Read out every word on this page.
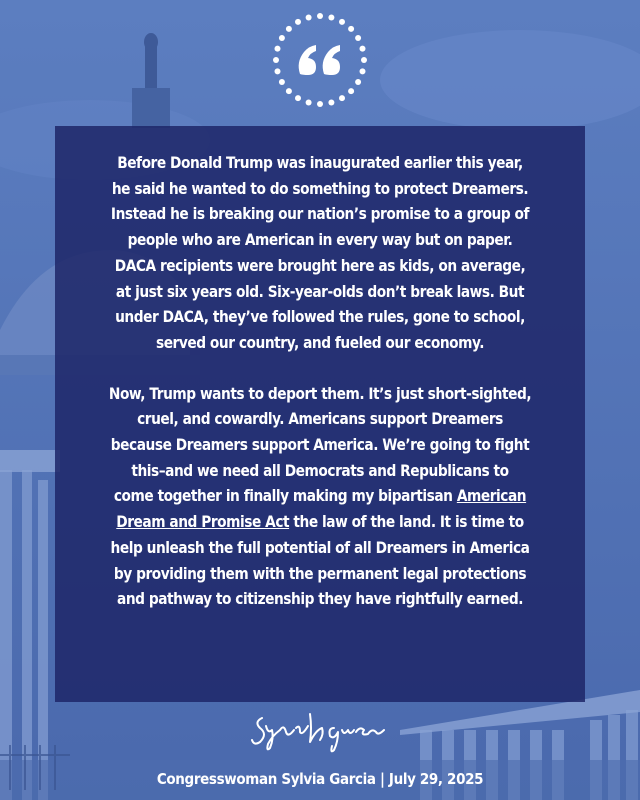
Before Donald Trump was inaugurated earlier this year,
he said he wanted to do something to protect Dreamers.
Instead he is breaking our nation’s promise to a group of
people who are American in every way but on paper.
DACA recipients were brought here as kids, on average,
at just six years old. Six-year-olds don’t break laws. But
under DACA, they’ve followed the rules, gone to school,
served our country, and fueled our economy.

Now, Trump wants to deport them. It’s just short-sighted,
cruel, and cowardly. Americans support Dreamers
because Dreamers support America. We’re going to fight
this–and we need all Democrats and Republicans to
come together in finally making my bipartisan American
Dream and Promise Act the law of the land. It is time to
help unleash the full potential of all Dreamers in America
by providing them with the permanent legal protections
and pathway to citizenship they have rightfully earned.

Congresswoman Sylvia Garcia | July 29, 2025
